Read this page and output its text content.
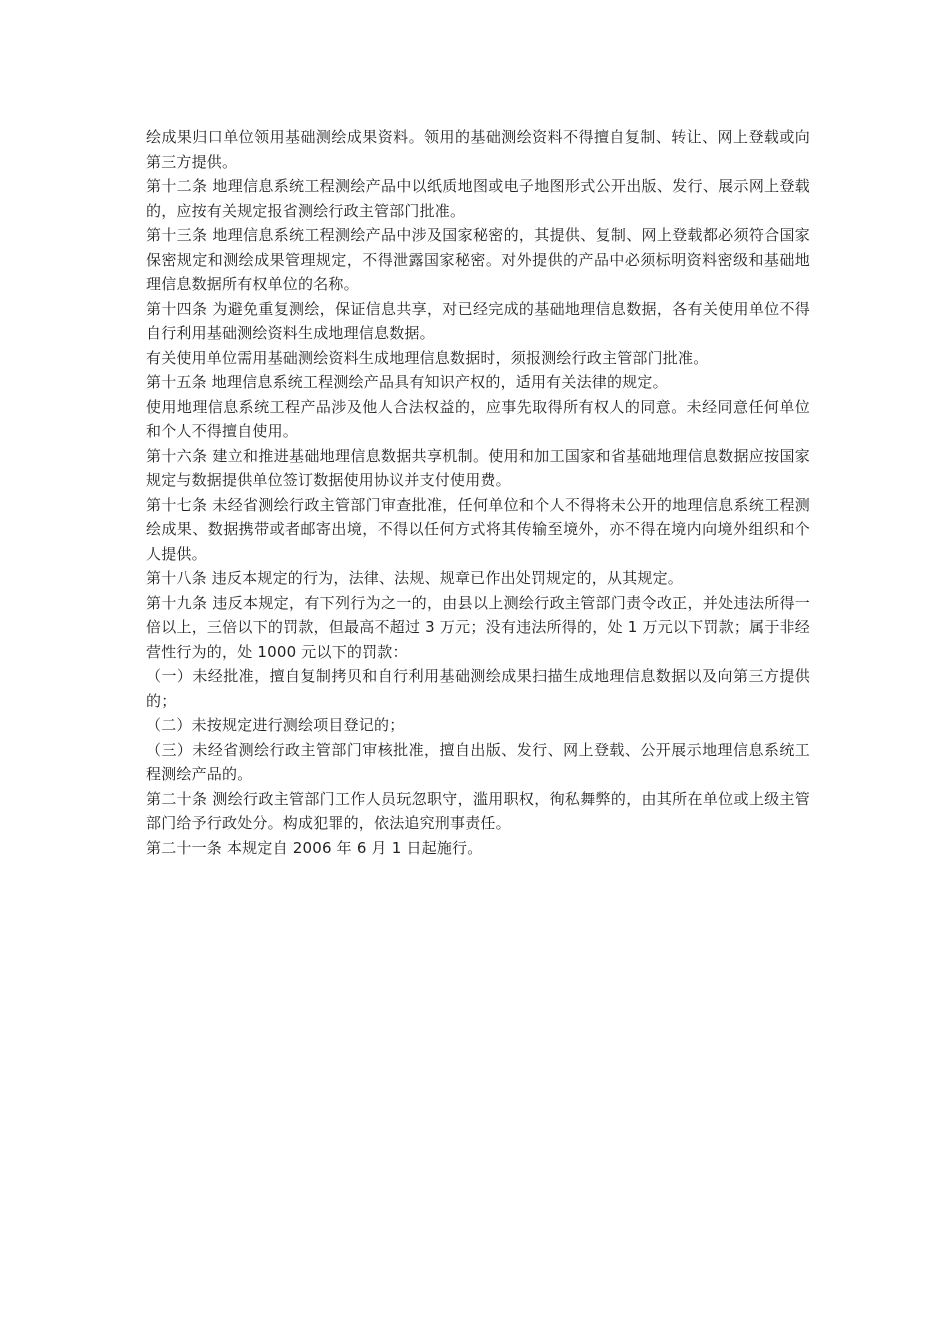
绘成果归口单位领用基础测绘成果资料。领用的基础测绘资料不得擅自复制、转让、网上登载或向第三方提供。

第十二条 地理信息系统工程测绘产品中以纸质地图或电子地图形式公开出版、发行、展示网上登载的，应按有关规定报省测绘行政主管部门批准。

第十三条 地理信息系统工程测绘产品中涉及国家秘密的，其提供、复制、网上登载都必须符合国家保密规定和测绘成果管理规定，不得泄露国家秘密。对外提供的产品中必须标明资料密级和基础地理信息数据所有权单位的名称。

第十四条 为避免重复测绘，保证信息共享，对已经完成的基础地理信息数据，各有关使用单位不得自行利用基础测绘资料生成地理信息数据。

有关使用单位需用基础测绘资料生成地理信息数据时，须报测绘行政主管部门批准。

第十五条 地理信息系统工程测绘产品具有知识产权的，适用有关法律的规定。

使用地理信息系统工程产品涉及他人合法权益的，应事先取得所有权人的同意。未经同意任何单位和个人不得擅自使用。

第十六条 建立和推进基础地理信息数据共享机制。使用和加工国家和省基础地理信息数据应按国家规定与数据提供单位签订数据使用协议并支付使用费。

第十七条 未经省测绘行政主管部门审查批准，任何单位和个人不得将未公开的地理信息系统工程测绘成果、数据携带或者邮寄出境，不得以任何方式将其传输至境外，亦不得在境内向境外组织和个人提供。

第十八条 违反本规定的行为，法律、法规、规章已作出处罚规定的，从其规定。

第十九条 违反本规定，有下列行为之一的，由县以上测绘行政主管部门责令改正，并处违法所得一倍以上，三倍以下的罚款，但最高不超过 3 万元；没有违法所得的，处 1 万元以下罚款；属于非经营性行为的，处 1000 元以下的罚款：

（一）未经批准，擅自复制拷贝和自行利用基础测绘成果扫描生成地理信息数据以及向第三方提供的；

（二）未按规定进行测绘项目登记的；

（三）未经省测绘行政主管部门审核批准，擅自出版、发行、网上登载、公开展示地理信息系统工程测绘产品的。

第二十条 测绘行政主管部门工作人员玩忽职守，滥用职权，徇私舞弊的，由其所在单位或上级主管部门给予行政处分。构成犯罪的，依法追究刑事责任。

第二十一条 本规定自 2006 年 6 月 1 日起施行。
